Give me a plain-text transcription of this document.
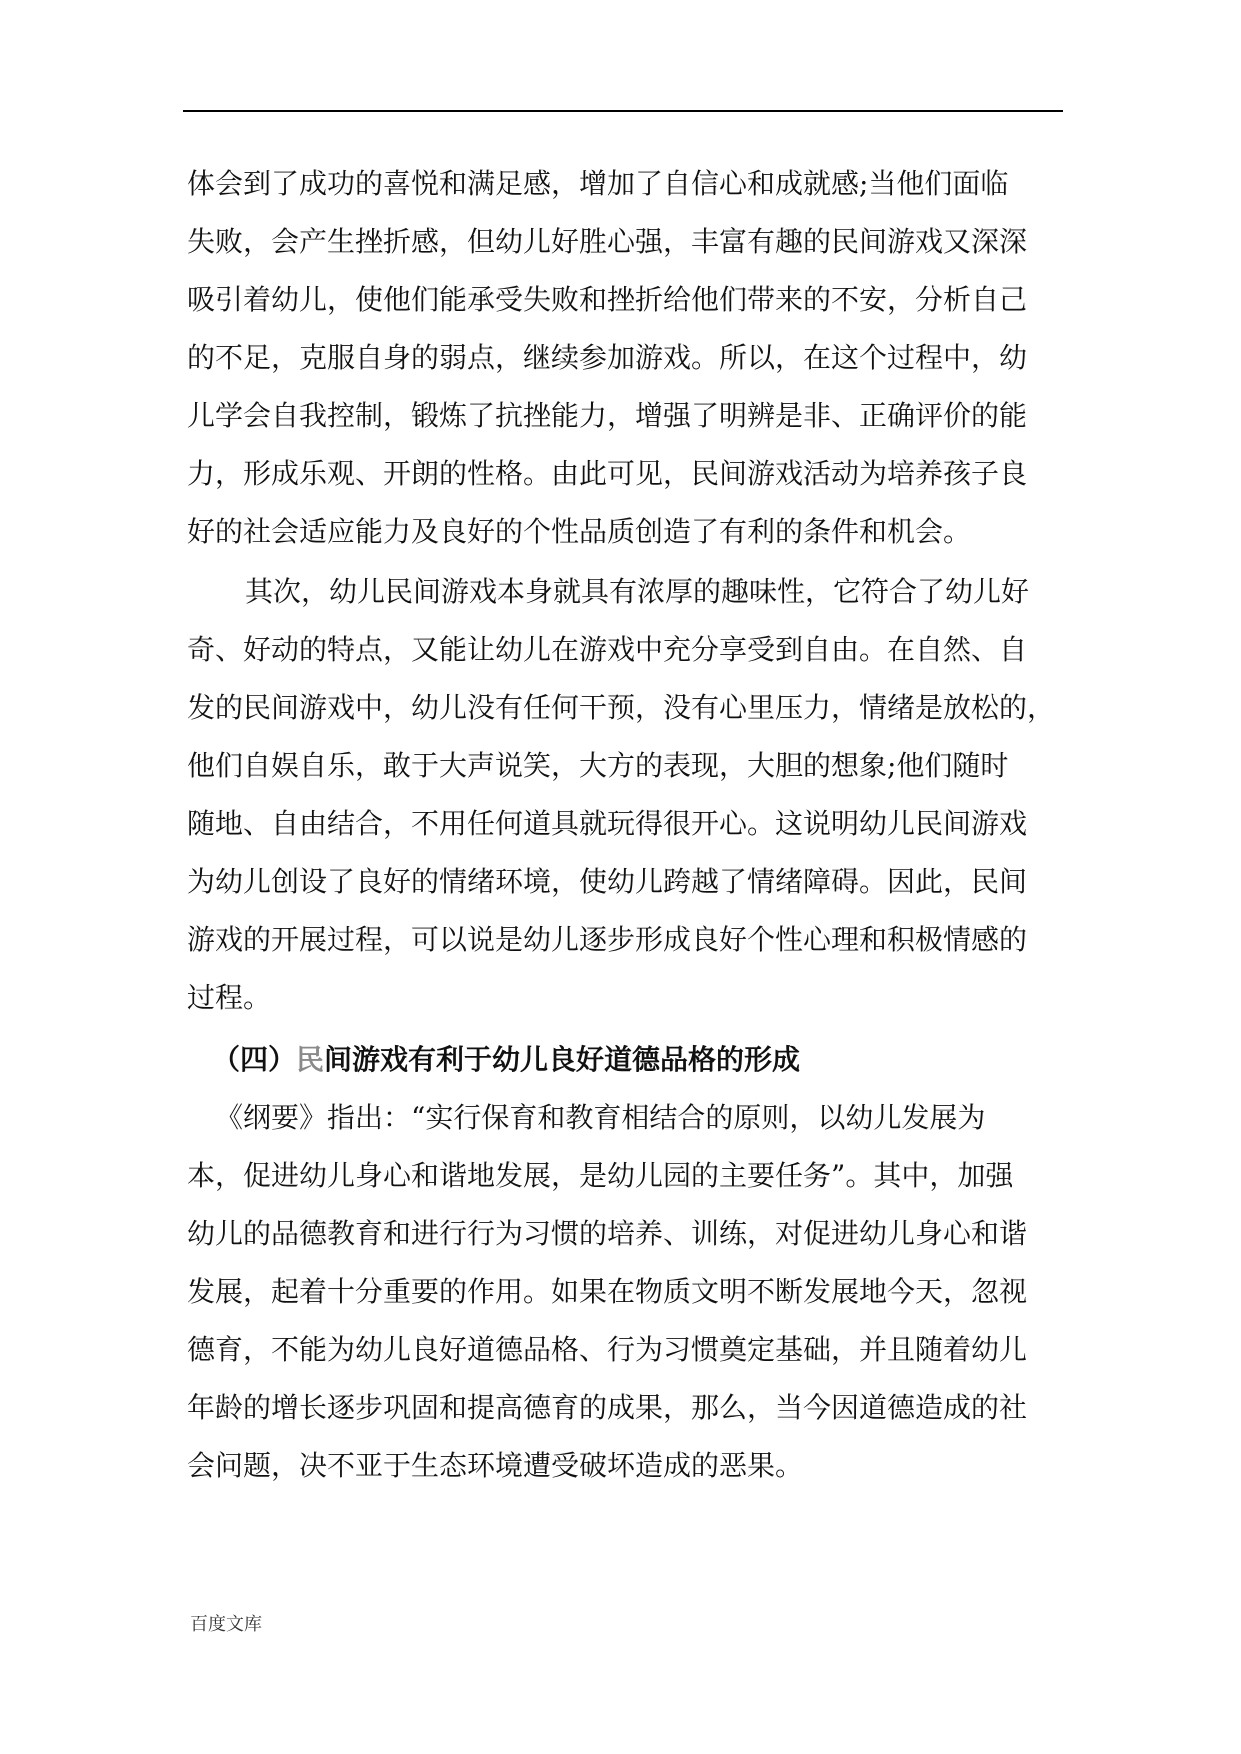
体会到了成功的喜悦和满足感，增加了自信心和成就感;当他们面临
失败，会产生挫折感，但幼儿好胜心强，丰富有趣的民间游戏又深深
吸引着幼儿，使他们能承受失败和挫折给他们带来的不安，分析自己
的不足，克服自身的弱点，继续参加游戏。所以，在这个过程中，幼
儿学会自我控制，锻炼了抗挫能力，增强了明辨是非、正确评价的能
力，形成乐观、开朗的性格。由此可见，民间游戏活动为培养孩子良
好的社会适应能力及良好的个性品质创造了有利的条件和机会。
其次，幼儿民间游戏本身就具有浓厚的趣味性，它符合了幼儿好
奇、好动的特点，又能让幼儿在游戏中充分享受到自由。在自然、自
发的民间游戏中，幼儿没有任何干预，没有心里压力，情绪是放松的，
他们自娱自乐，敢于大声说笑，大方的表现，大胆的想象;他们随时
随地、自由结合，不用任何道具就玩得很开心。这说明幼儿民间游戏
为幼儿创设了良好的情绪环境，使幼儿跨越了情绪障碍。因此，民间
游戏的开展过程，可以说是幼儿逐步形成良好个性心理和积极情感的
过程。
（四）民间游戏有利于幼儿良好道德品格的形成
《纲要》指出：“实行保育和教育相结合的原则，以幼儿发展为
本，促进幼儿身心和谐地发展，是幼儿园的主要任务”。其中，加强
幼儿的品德教育和进行行为习惯的培养、训练，对促进幼儿身心和谐
发展，起着十分重要的作用。如果在物质文明不断发展地今天，忽视
德育，不能为幼儿良好道德品格、行为习惯奠定基础，并且随着幼儿
年龄的增长逐步巩固和提高德育的成果，那么，当今因道德造成的社
会问题，决不亚于生态环境遭受破坏造成的恶果。
百度文库
